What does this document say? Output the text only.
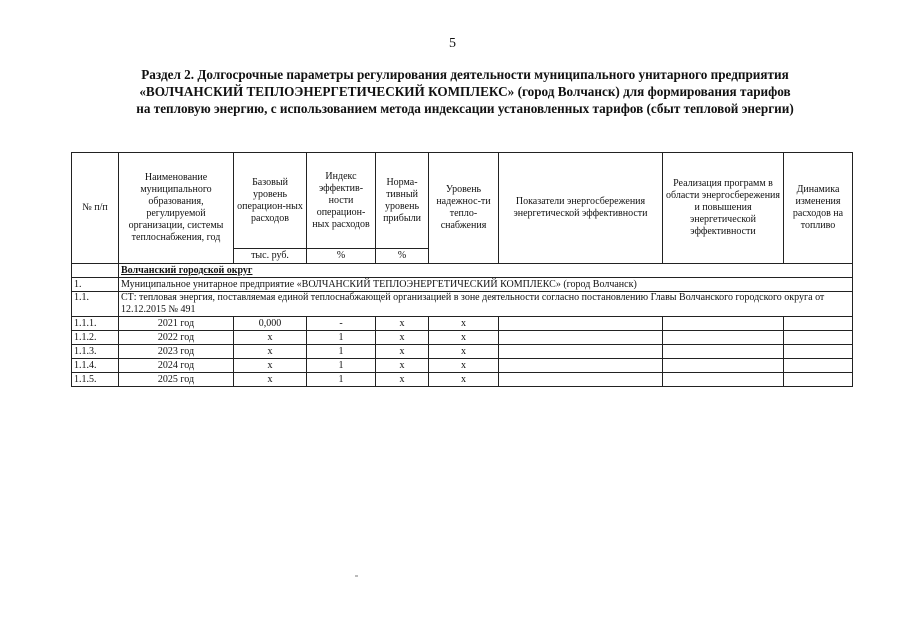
5
Раздел 2. Долгосрочные параметры регулирования деятельности муниципального унитарного предприятия
«ВОЛЧАНСКИЙ ТЕПЛОЭНЕРГЕТИЧЕСКИЙ КОМПЛЕКС» (город Волчанск) для формирования тарифов
на тепловую энергию, с использованием метода индексации установленных тарифов (сбыт тепловой энергии)
№ п/п	Наименование муниципального образования, регулируемой организации, системы теплоснабжения, год	Базовый уровень операцион-ных расходов	Индекс эффектив-ности операцион-ных расходов	Норма-тивный уровень прибыли	Уровень надежнос-ти тепло-снабжения	Показатели энергосбережения энергетической эффективности	Реализация программ в области энергосбережения и повышения энергетической эффективности	Динамика изменения расходов на топливо
		тыс. руб.	%	%				
	Волчанский городской округ							
1.	Муниципальное унитарное предприятие «ВОЛЧАНСКИЙ ТЕПЛОЭНЕРГЕТИЧЕСКИЙ КОМПЛЕКС» (город Волчанск)							
1.1.	СТ: тепловая энергия, поставляемая единой теплоснабжающей организацией в зоне деятельности согласно постановлению Главы Волчанского городского округа от 12.12.2015 № 491							
1.1.1.	2021 год	0,000	-	х	х			
1.1.2.	2022 год	х	1	х	х			
1.1.3.	2023 год	х	1	х	х			
1.1.4.	2024 год	х	1	х	х			
1.1.5.	2025 год	х	1	х	х			
